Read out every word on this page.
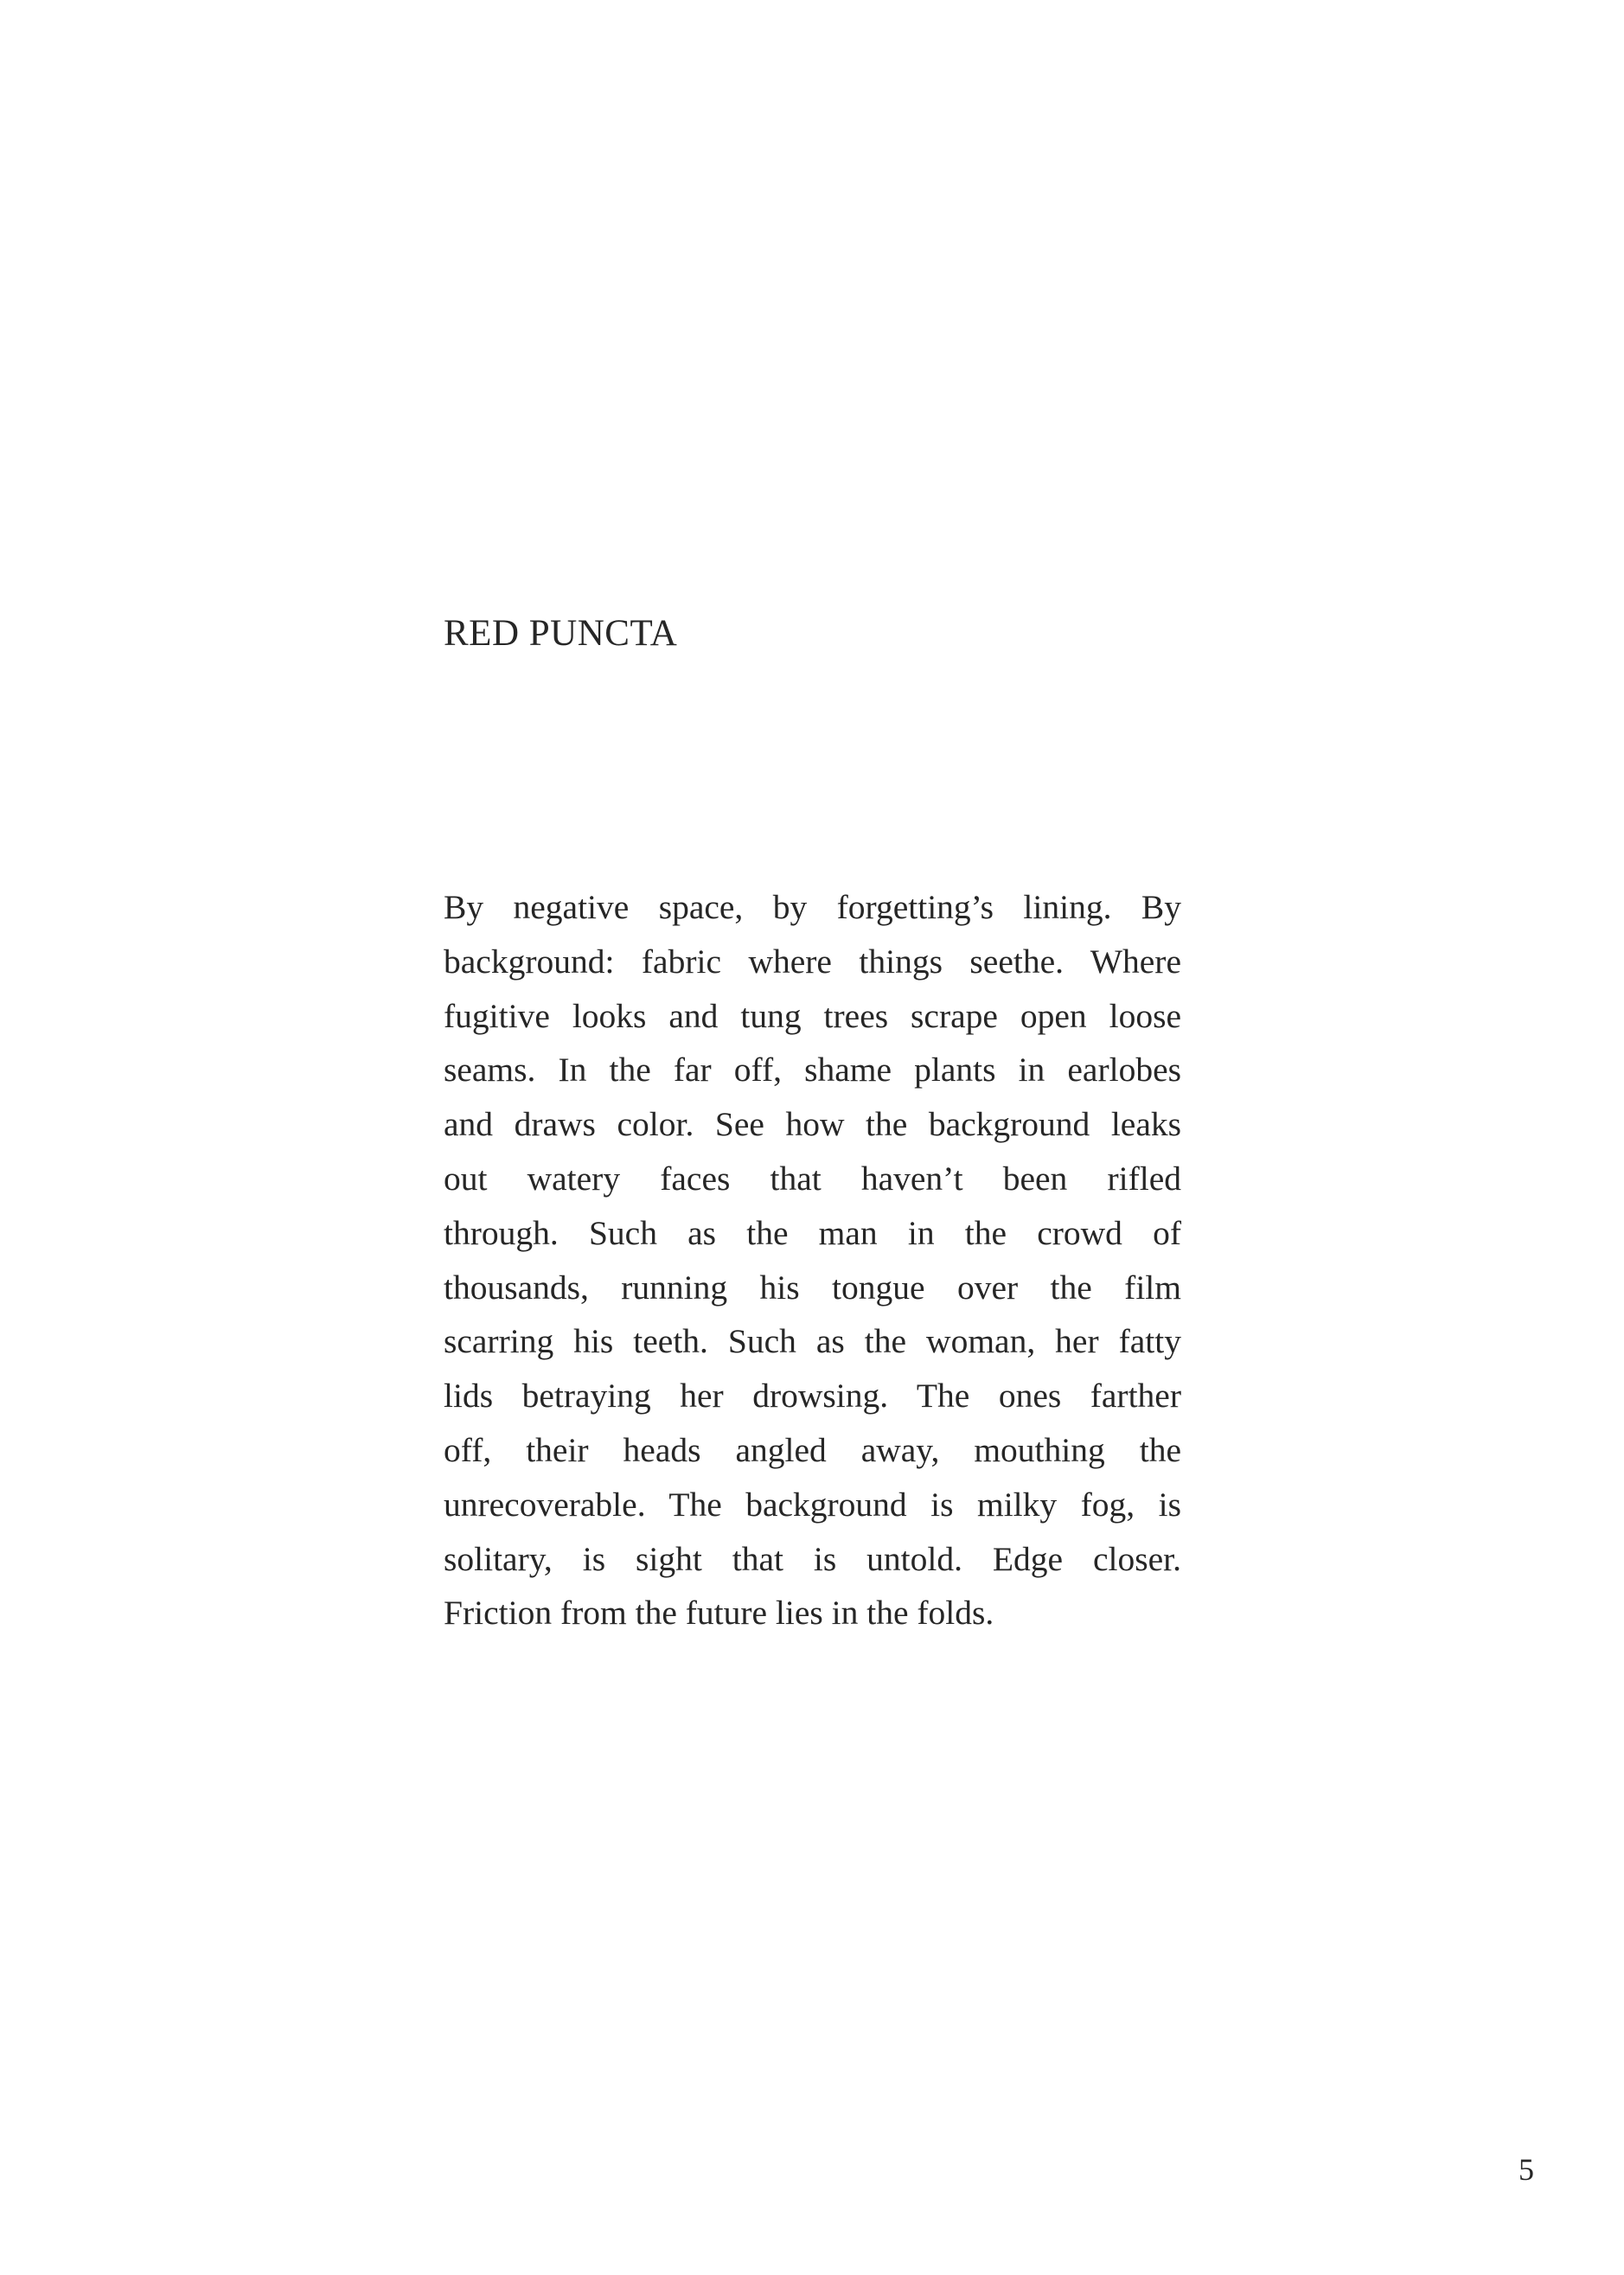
RED PUNCTA
By negative space, by forgetting’s lining. By
background: fabric where things seethe. Where
fugitive looks and tung trees scrape open loose
seams. In the far off, shame plants in earlobes
and draws color. See how the background leaks
out watery faces that haven’t been rifled
through. Such as the man in the crowd of
thousands, running his tongue over the film
scarring his teeth. Such as the woman, her fatty
lids betraying her drowsing. The ones farther
off, their heads angled away, mouthing the
unrecoverable. The background is milky fog, is
solitary, is sight that is untold. Edge closer.
Friction from the future lies in the folds.
5
